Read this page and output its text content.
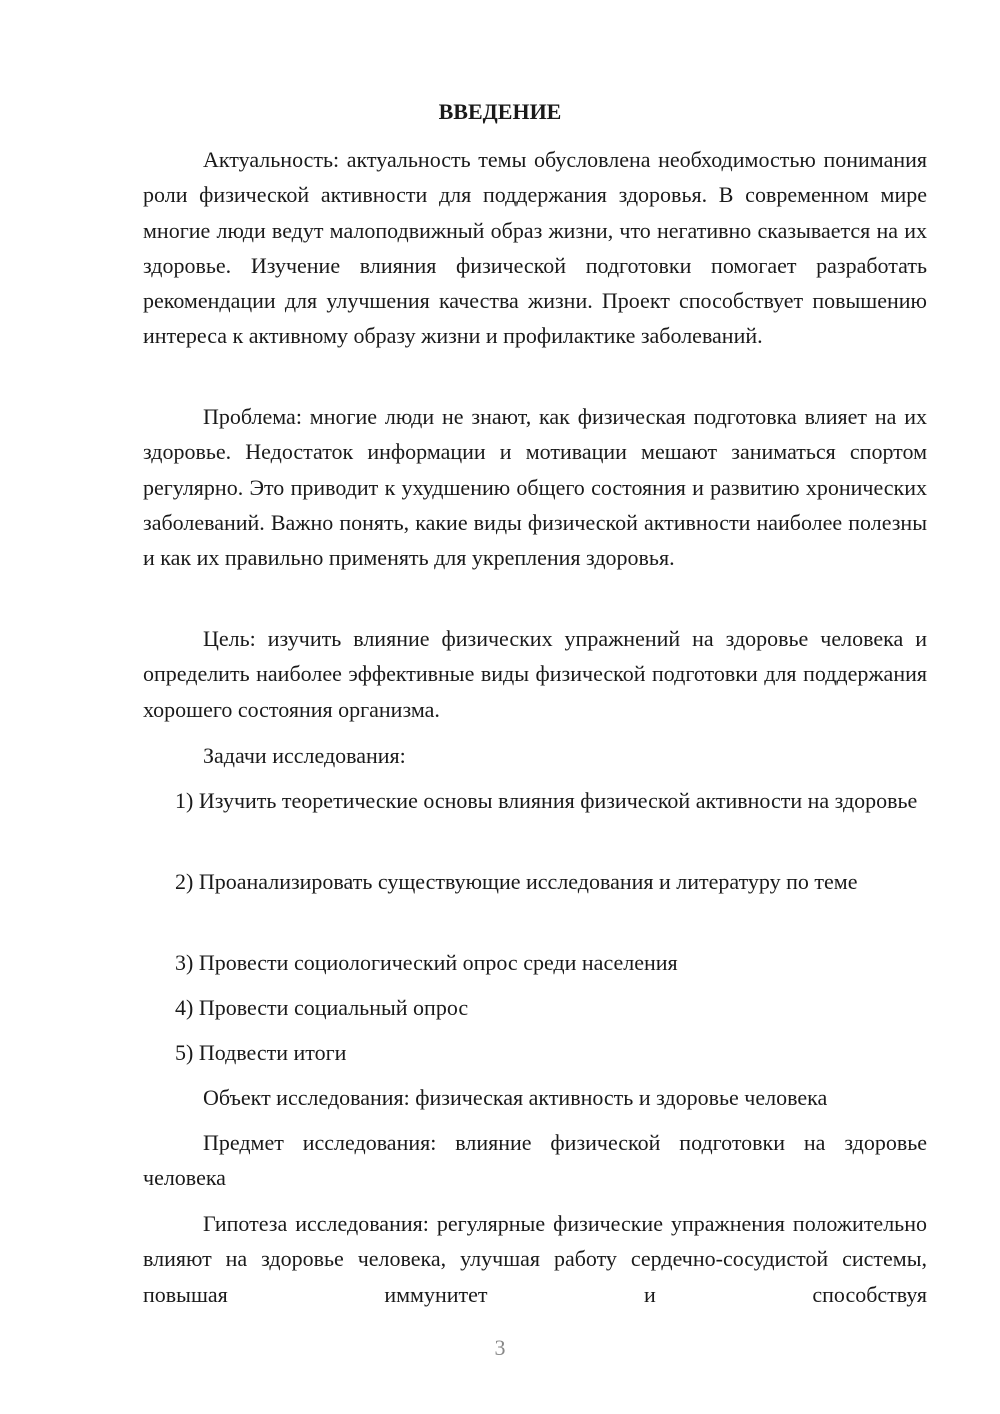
ВВЕДЕНИЕ

Актуальность: актуальность темы обусловлена необходимостью понимания роли физической активности для поддержания здоровья. В современном мире многие люди ведут малоподвижный образ жизни, что негативно сказывается на их здоровье. Изучение влияния физической подготовки помогает разработать рекомендации для улучшения качества жизни. Проект способствует повышению интереса к активному образу жизни и профилактике заболеваний.

Проблема: многие люди не знают, как физическая подготовка влияет на их здоровье. Недостаток информации и мотивации мешают заниматься спортом регулярно. Это приводит к ухудшению общего состояния и развитию хронических заболеваний. Важно понять, какие виды физической активности наиболее полезны и как их правильно применять для укрепления здоровья.

Цель: изучить влияние физических упражнений на здоровье человека и определить наиболее эффективные виды физической подготовки для поддержания хорошего состояния организма.

Задачи исследования:

1) Изучить теоретические основы влияния физической активности на здоровье

2) Проанализировать существующие исследования и литературу по теме

3) Провести социологический опрос среди населения

4) Провести социальный опрос

5) Подвести итоги

Объект исследования: физическая активность и здоровье человека

Предмет исследования: влияние физической подготовки на здоровье человека

Гипотеза исследования: регулярные физические упражнения положительно влияют на здоровье человека, улучшая работу сердечно-сосудистой системы, повышая иммунитет и способствуя

3
